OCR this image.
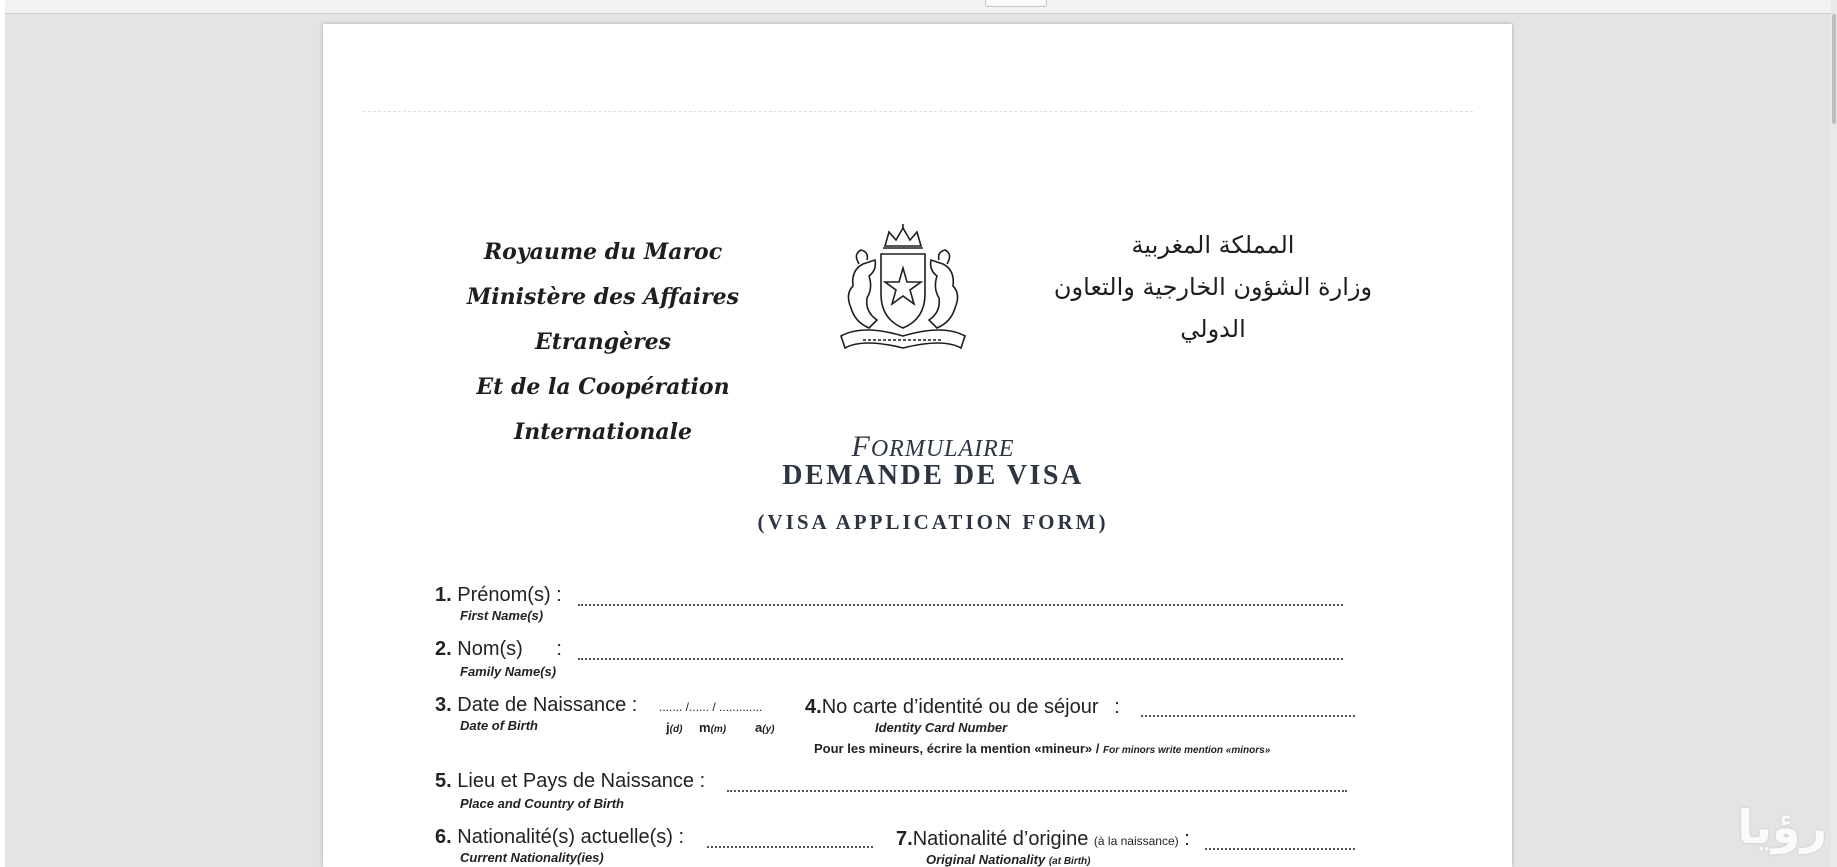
Royaume du Maroc
Ministère des Affaires Etrangères
Et de la Coopération Internationale
المملكة المغربية
وزارة الشؤون الخارجية والتعاون
الدولي
FORMULAIRE
DEMANDE DE VISA
(VISA APPLICATION FORM)
1. Prénom(s) :
First Name(s)
2. Nom(s) :
Family Name(s)
3. Date de Naissance : ....... /...... / .............
Date of Birth	j(d) m(m) a(y)
4.No carte d’identité ou de séjour :
Identity Card Number
Pour les mineurs, écrire la mention «mineur» / For minors write mention «minors»
5. Lieu et Pays de Naissance :
Place and Country of Birth
6. Nationalité(s) actuelle(s) :
Current Nationality(ies)
7.Nationalité d’origine (à la naissance) :
Original Nationality (at Birth)
رؤيا
